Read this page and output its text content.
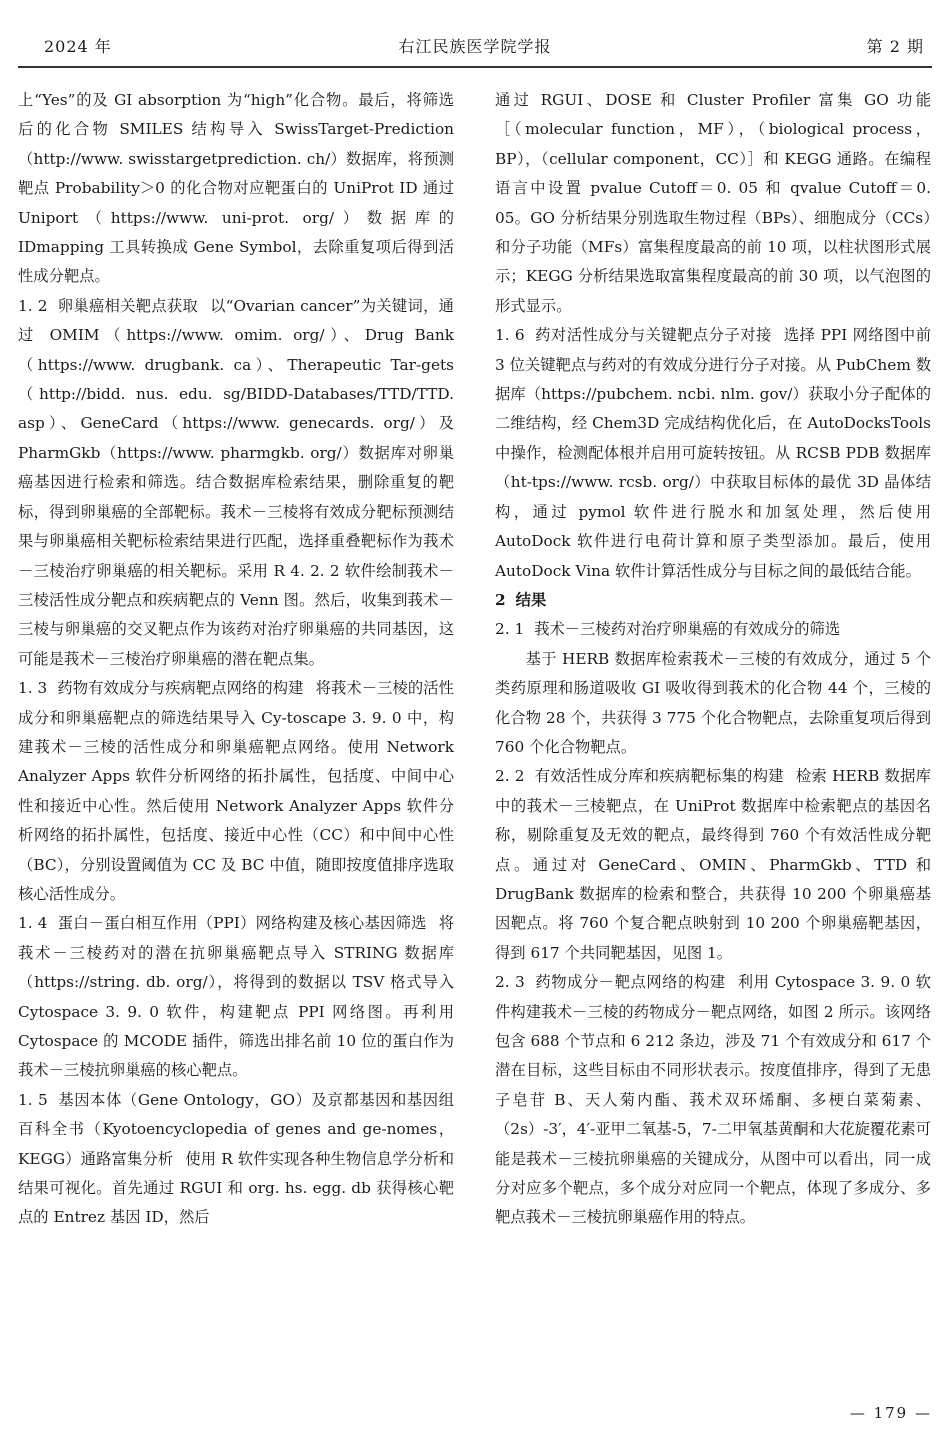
2024 年	右江民族医学院学报	第 2 期

上“Yes”的及 GI absorption 为“high”化合物。最后，将筛选后的化合物 SMILES 结构导入 SwissTarget-Prediction（http://www. swisstargetprediction. ch/）数据库，将预测靶点 Probability＞0 的化合物对应靶蛋白的 UniProt ID 通过 Uniport（https://www. uni-prot. org/）数据库的 IDmapping 工具转换成 Gene Symbol，去除重复项后得到活性成分靶点。

1. 2 卵巢癌相关靶点获取 以“Ovarian cancer”为关键词，通过 OMIM（https://www. omim. org/）、Drug Bank（https://www. drugbank. ca）、Therapeutic Tar-gets（http://bidd. nus. edu. sg/BIDD-Databases/TTD/TTD. asp）、GeneCard（https://www. genecards. org/）及 PharmGkb（https://www. pharmgkb. org/）数据库对卵巢癌基因进行检索和筛选。结合数据库检索结果，删除重复的靶标，得到卵巢癌的全部靶标。莪术－三棱将有效成分靶标预测结果与卵巢癌相关靶标检索结果进行匹配，选择重叠靶标作为莪术－三棱治疗卵巢癌的相关靶标。采用 R 4. 2. 2 软件绘制莪术－三棱活性成分靶点和疾病靶点的 Venn 图。然后，收集到莪术－三棱与卵巢癌的交叉靶点作为该药对治疗卵巢癌的共同基因，这可能是莪术－三棱治疗卵巢癌的潜在靶点集。

1. 3 药物有效成分与疾病靶点网络的构建 将莪术－三棱的活性成分和卵巢癌靶点的筛选结果导入 Cy-toscape 3. 9. 0 中，构建莪术－三棱的活性成分和卵巢癌靶点网络。使用 Network Analyzer Apps 软件分析网络的拓扑属性，包括度、中间中心性和接近中心性。然后使用 Network Analyzer Apps 软件分析网络的拓扑属性，包括度、接近中心性（CC）和中间中心性（BC），分别设置阈值为 CC 及 BC 中值，随即按度值排序选取核心活性成分。

1. 4 蛋白－蛋白相互作用（PPI）网络构建及核心基因筛选 将莪术－三棱药对的潜在抗卵巢癌靶点导入 STRING 数据库（https://string. db. org/），将得到的数据以 TSV 格式导入 Cytospace 3. 9. 0 软件，构建靶点 PPI 网络图。再利用 Cytospace 的 MCODE 插件，筛选出排名前 10 位的蛋白作为莪术－三棱抗卵巢癌的核心靶点。

1. 5 基因本体（Gene Ontology，GO）及京都基因和基因组百科全书（Kyotoencyclopedia of genes and ge-nomes，KEGG）通路富集分析 使用 R 软件实现各种生物信息学分析和结果可视化。首先通过 RGUI 和 org. hs. egg. db 获得核心靶点的 Entrez 基因 ID，然后

通过 RGUI、DOSE 和 Cluster Profiler 富集 GO 功能［（molecular function，MF），（biological process，BP），（cellular component，CC）］和 KEGG 通路。在编程语言中设置 pvalue Cutoff＝0. 05 和 qvalue Cutoff＝0. 05。GO 分析结果分别选取生物过程（BPs）、细胞成分（CCs）和分子功能（MFs）富集程度最高的前 10 项，以柱状图形式展示；KEGG 分析结果选取富集程度最高的前 30 项，以气泡图的形式显示。

1. 6 药对活性成分与关键靶点分子对接 选择 PPI 网络图中前 3 位关键靶点与药对的有效成分进行分子对接。从 PubChem 数据库（https://pubchem. ncbi. nlm. gov/）获取小分子配体的二维结构，经 Chem3D 完成结构优化后，在 AutoDocksTools 中操作，检测配体根并启用可旋转按钮。从 RCSB PDB 数据库（ht-tps://www. rcsb. org/）中获取目标体的最优 3D 晶体结构，通过 pymol 软件进行脱水和加氢处理，然后使用 AutoDock 软件进行电荷计算和原子类型添加。最后，使用 AutoDock Vina 软件计算活性成分与目标之间的最低结合能。

2 结果

2. 1 莪术－三棱药对治疗卵巢癌的有效成分的筛选

基于 HERB 数据库检索莪术－三棱的有效成分，通过 5 个类药原理和肠道吸收 GI 吸收得到莪术的化合物 44 个，三棱的化合物 28 个，共获得 3 775 个化合物靶点，去除重复项后得到 760 个化合物靶点。

2. 2 有效活性成分库和疾病靶标集的构建 检索 HERB 数据库中的莪术－三棱靶点，在 UniProt 数据库中检索靶点的基因名称，剔除重复及无效的靶点，最终得到 760 个有效活性成分靶点。通过对 GeneCard、OMIN、PharmGkb、TTD 和 DrugBank 数据库的检索和整合，共获得 10 200 个卵巢癌基因靶点。将 760 个复合靶点映射到 10 200 个卵巢癌靶基因，得到 617 个共同靶基因，见图 1。

2. 3 药物成分－靶点网络的构建 利用 Cytospace 3. 9. 0 软件构建莪术－三棱的药物成分－靶点网络，如图 2 所示。该网络包含 688 个节点和 6 212 条边，涉及 71 个有效成分和 617 个潜在目标，这些目标由不同形状表示。按度值排序，得到了无患子皂苷 B、天人菊内酯、莪术双环烯酮、多梗白菜菊素、（2s）-3′，4′-亚甲二氧基-5，7-二甲氧基黄酮和大花旋覆花素可能是莪术－三棱抗卵巢癌的关键成分，从图中可以看出，同一成分对应多个靶点，多个成分对应同一个靶点，体现了多成分、多靶点莪术－三棱抗卵巢癌作用的特点。

— 179 —
